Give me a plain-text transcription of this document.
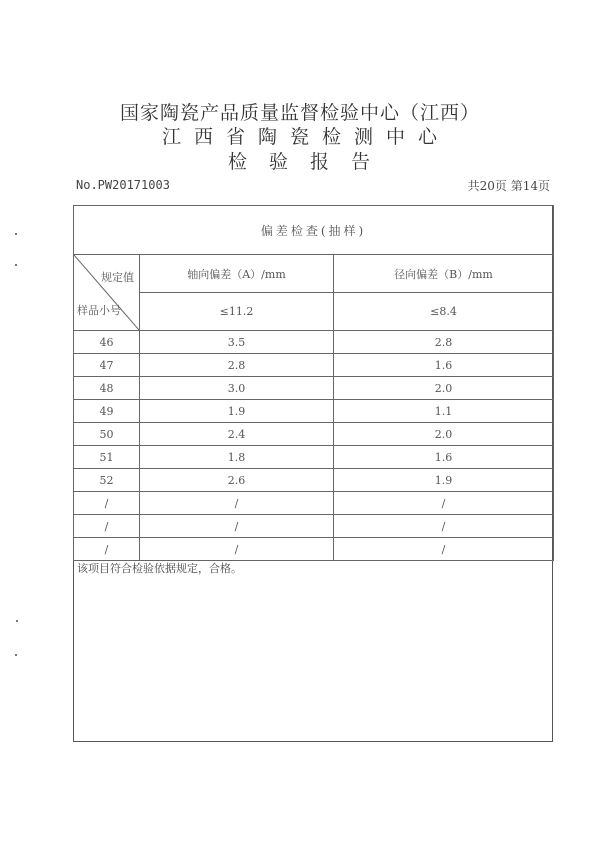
国家陶瓷产品质量监督检验中心（江西）
江西省陶瓷检测中心
检验报告
No.PW20171003	共20页 第14页
偏差检查(抽样)		

规定值
样品小号	轴向偏差（A）/mm	径向偏差（B）/mm
	≤11.2	≤8.4
46	3.5	2.8
47	2.8	1.6
48	3.0	2.0
49	1.9	1.1
50	2.4	2.0
51	1.8	1.6
52	2.6	1.9
/	/	/
/	/	/
/	/	/
该项目符合检验依据规定，合格。
